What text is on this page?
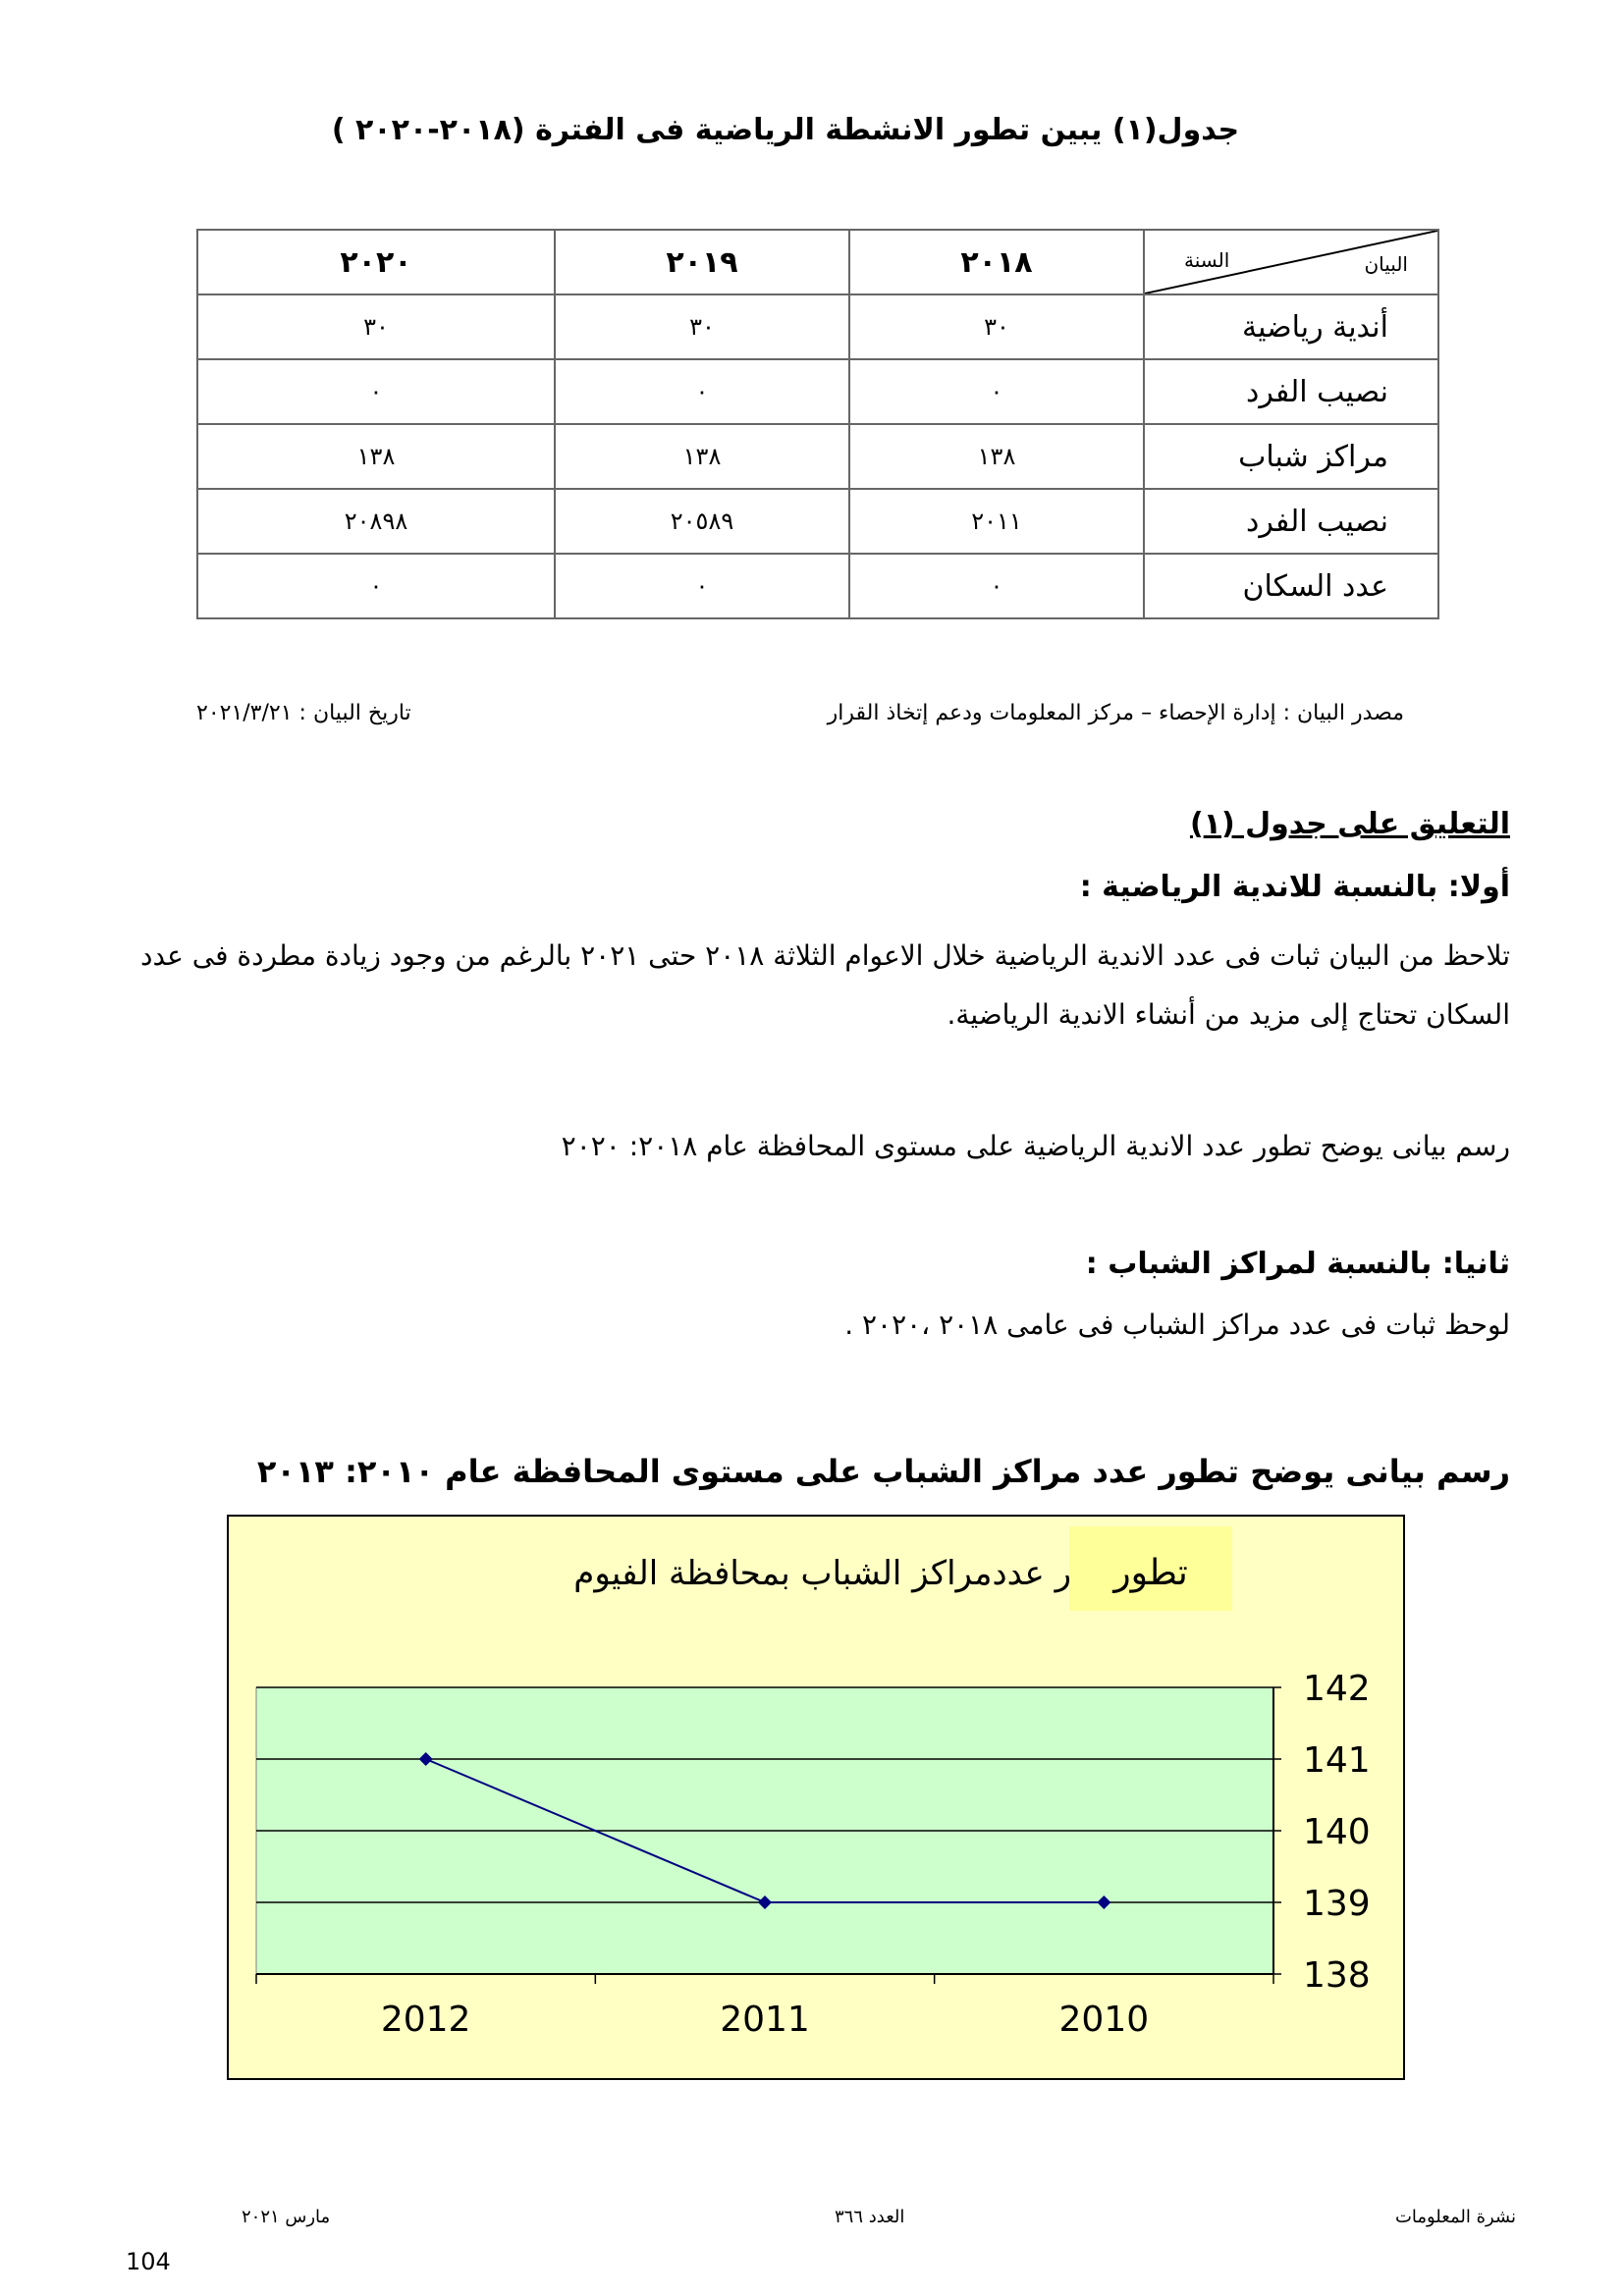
جدول(١) يبين تطور الانشطة الرياضية فى الفترة (٢٠١٨-٢٠٢٠ )
البيان
السنة	٢٠١٨	٢٠١٩	٢٠٢٠
أندية رياضية	٣٠	٣٠	٣٠
نصيب الفرد	٠	٠	٠
مراكز شباب	١٣٨	١٣٨	١٣٨
نصيب الفرد	٢٠١١	٢٠٥٨٩	٢٠٨٩٨
عدد السكان	٠	٠	٠
مصدر البيان : إدارة الإحصاء – مركز المعلومات ودعم إتخاذ القرار
تاريخ البيان : ٢٠٢١/٣/٢١
التعليق على جدول (١)
أولا: بالنسبة للاندية الرياضية :
تلاحظ من البيان ثبات فى عدد الاندية الرياضية خلال الاعوام الثلاثة ٢٠١٨ حتى ٢٠٢١ بالرغم من وجود زيادة مطردة فى عدد السكان تحتاج إلى مزيد من أنشاء الاندية الرياضية.
رسم بيانى يوضح تطور عدد الاندية الرياضية على مستوى المحافظة عام ٢٠١٨: ٢٠٢٠
ثانيا: بالنسبة لمراكز الشباب :
لوحظ ثبات فى عدد مراكز الشباب فى عامى ٢٠١٨ ،٢٠٢٠ .
رسم بيانى يوضح تطور عدد مراكز الشباب على مستوى المحافظة عام ٢٠١٠: ٢٠١٣
تطور
ر عددمراكز الشباب بمحافظة الفيوم
138
139
140
141
142
2010
2011
2012
نشرة المعلومات
العدد ٣٦٦
مارس ٢٠٢١
104
